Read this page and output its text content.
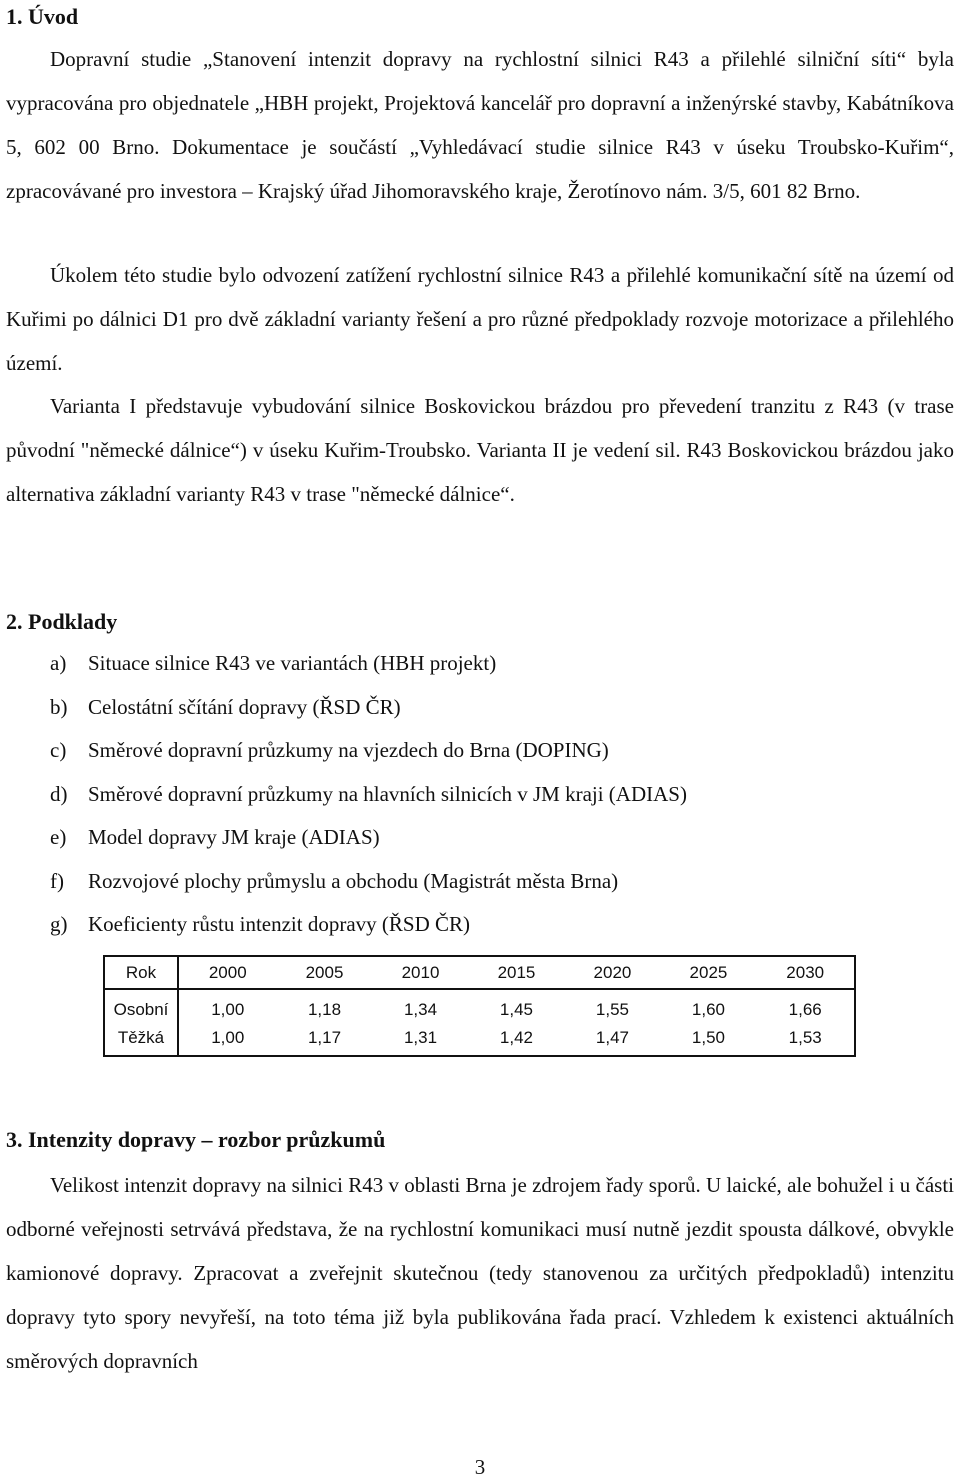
1. Úvod

Dopravní studie „Stanovení intenzit dopravy na rychlostní silnici R43 a přilehlé silniční síti“ byla vypracována pro objednatele „HBH projekt, Projektová kancelář pro dopravní a inženýrské stavby, Kabátníkova 5, 602 00 Brno. Dokumentace je součástí „Vyhledávací studie silnice R43 v úseku Troubsko-Kuřim“, zpracovávané pro investora – Krajský úřad Jihomoravského kraje, Žerotínovo nám. 3/5, 601 82 Brno.

Úkolem této studie bylo odvození zatížení rychlostní silnice R43 a přilehlé komunikační sítě na území od Kuřimi po dálnici D1 pro dvě základní varianty řešení a pro různé předpoklady rozvoje motorizace a přilehlého území.

Varianta I představuje vybudování silnice Boskovickou brázdou pro převedení tranzitu z R43 (v trase původní "německé dálnice“) v úseku Kuřim-Troubsko. Varianta II je vedení sil. R43 Boskovickou brázdou jako alternativa základní varianty R43 v trase "německé dálnice“.

2. Podklady
a) Situace silnice R43 ve variantách (HBH projekt)
b) Celostátní sčítání dopravy (ŘSD ČR)
c) Směrové dopravní průzkumy na vjezdech do Brna (DOPING)
d) Směrové dopravní průzkumy na hlavních silnicích v JM kraji (ADIAS)
e) Model dopravy JM kraje (ADIAS)
f) Rozvojové plochy průmyslu a obchodu (Magistrát města Brna)
g) Koeficienty růstu intenzit dopravy (ŘSD ČR)
Rok	2000	2005	2010	2015	2020	2025	2030
Osobní	1,00	1,18	1,34	1,45	1,55	1,60	1,66
Těžká	1,00	1,17	1,31	1,42	1,47	1,50	1,53
3. Intenzity dopravy – rozbor průzkumů

Velikost intenzit dopravy na silnici R43 v oblasti Brna je zdrojem řady sporů. U laické, ale bohužel i u části odborné veřejnosti setrvává představa, že na rychlostní komunikaci musí nutně jezdit spousta dálkové, obvykle kamionové dopravy. Zpracovat a zveřejnit skutečnou (tedy stanovenou za určitých předpokladů) intenzitu dopravy tyto spory nevyřeší, na toto téma již byla publikována řada prací. Vzhledem k existenci aktuálních směrových dopravních

3
